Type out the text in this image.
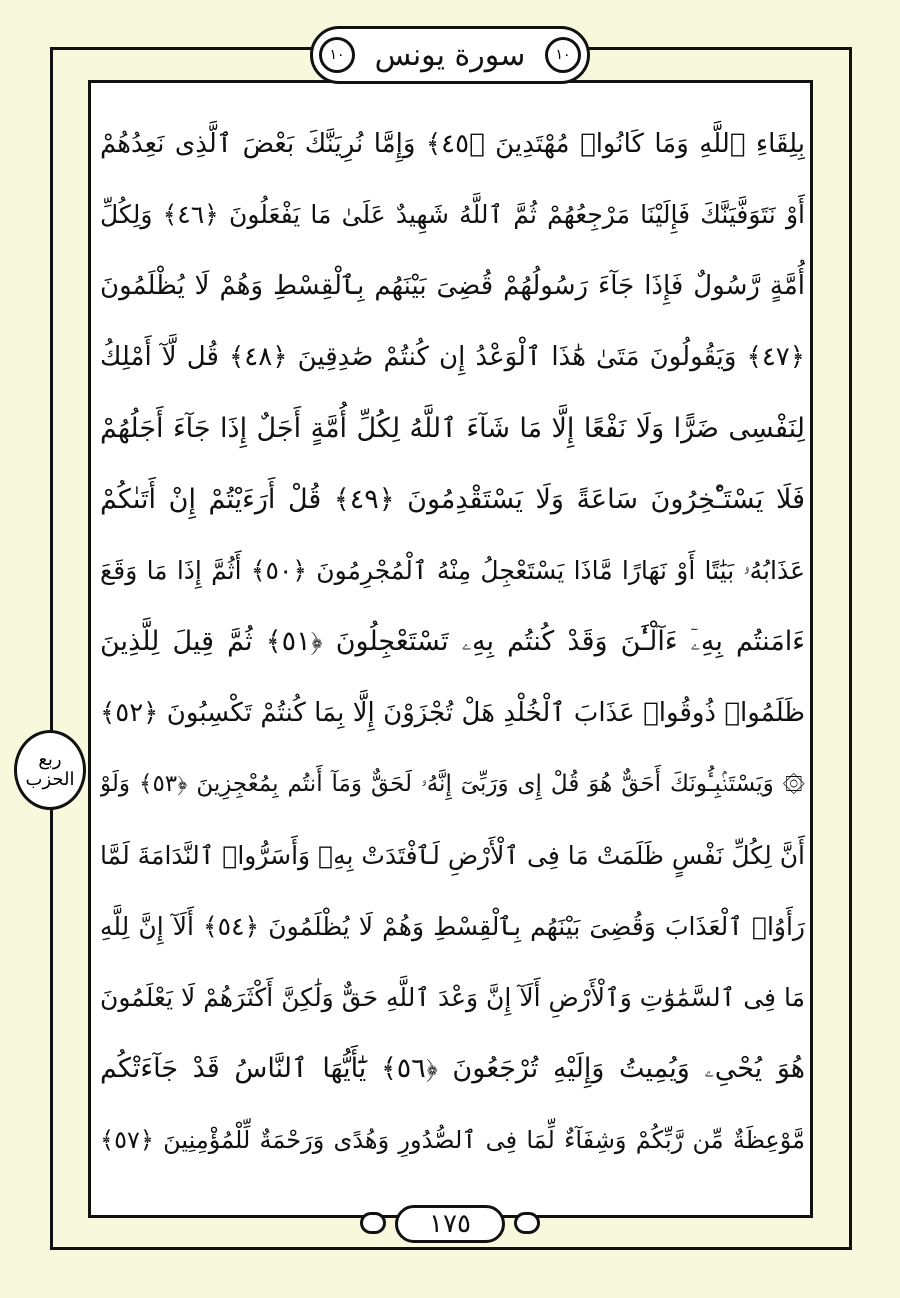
١٠	سورة يونس	١٠
ربع الحزب
بِلِقَاءِ ٱللَّهِ وَمَا كَانُوا۟ مُهْتَدِينَ ﴿٤٥﴾ وَإِمَّا نُرِيَنَّكَ بَعْضَ ٱلَّذِى نَعِدُهُمْ
أَوْ نَتَوَفَّيَنَّكَ فَإِلَيْنَا مَرْجِعُهُمْ ثُمَّ ٱللَّهُ شَهِيدٌ عَلَىٰ مَا يَفْعَلُونَ ﴿٤٦﴾ وَلِكُلِّ
أُمَّةٍ رَّسُولٌ فَإِذَا جَآءَ رَسُولُهُمْ قُضِىَ بَيْنَهُم بِٱلْقِسْطِ وَهُمْ لَا يُظْلَمُونَ
﴿٤٧﴾ وَيَقُولُونَ مَتَىٰ هَٰذَا ٱلْوَعْدُ إِن كُنتُمْ صَٰدِقِينَ ﴿٤٨﴾ قُل لَّآ أَمْلِكُ
لِنَفْسِى ضَرًّا وَلَا نَفْعًا إِلَّا مَا شَآءَ ٱللَّهُ لِكُلِّ أُمَّةٍ أَجَلٌ إِذَا جَآءَ أَجَلُهُمْ
فَلَا يَسْتَـْٔخِرُونَ سَاعَةً وَلَا يَسْتَقْدِمُونَ ﴿٤٩﴾ قُلْ أَرَءَيْتُمْ إِنْ أَتَىٰكُمْ
عَذَابُهُۥ بَيَٰتًا أَوْ نَهَارًا مَّاذَا يَسْتَعْجِلُ مِنْهُ ٱلْمُجْرِمُونَ ﴿٥٠﴾ أَثُمَّ إِذَا مَا وَقَعَ
ءَامَنتُم بِهِۦٓ ءَآلْـَٰٔنَ وَقَدْ كُنتُم بِهِۦ تَسْتَعْجِلُونَ ﴿٥١﴾ ثُمَّ قِيلَ لِلَّذِينَ
ظَلَمُوا۟ ذُوقُوا۟ عَذَابَ ٱلْخُلْدِ هَلْ تُجْزَوْنَ إِلَّا بِمَا كُنتُمْ تَكْسِبُونَ ﴿٥٢﴾
۞ وَيَسْتَنۢبِـُٔونَكَ أَحَقٌّ هُوَ قُلْ إِى وَرَبِّىٓ إِنَّهُۥ لَحَقٌّ وَمَآ أَنتُم بِمُعْجِزِينَ ﴿٥٣﴾ وَلَوْ
أَنَّ لِكُلِّ نَفْسٍ ظَلَمَتْ مَا فِى ٱلْأَرْضِ لَٱفْتَدَتْ بِهِۦ وَأَسَرُّوا۟ ٱلنَّدَامَةَ لَمَّا
رَأَوُا۟ ٱلْعَذَابَ وَقُضِىَ بَيْنَهُم بِٱلْقِسْطِ وَهُمْ لَا يُظْلَمُونَ ﴿٥٤﴾ أَلَآ إِنَّ لِلَّهِ
مَا فِى ٱلسَّمَٰوَٰتِ وَٱلْأَرْضِ أَلَآ إِنَّ وَعْدَ ٱللَّهِ حَقٌّ وَلَٰكِنَّ أَكْثَرَهُمْ لَا يَعْلَمُونَ
هُوَ يُحْىِۦ وَيُمِيتُ وَإِلَيْهِ تُرْجَعُونَ ﴿٥٦﴾ يَٰٓأَيُّهَا ٱلنَّاسُ قَدْ جَآءَتْكُم
مَّوْعِظَةٌ مِّن رَّبِّكُمْ وَشِفَآءٌ لِّمَا فِى ٱلصُّدُورِ وَهُدًى وَرَحْمَةٌ لِّلْمُؤْمِنِينَ ﴿٥٧﴾
١٧٥
